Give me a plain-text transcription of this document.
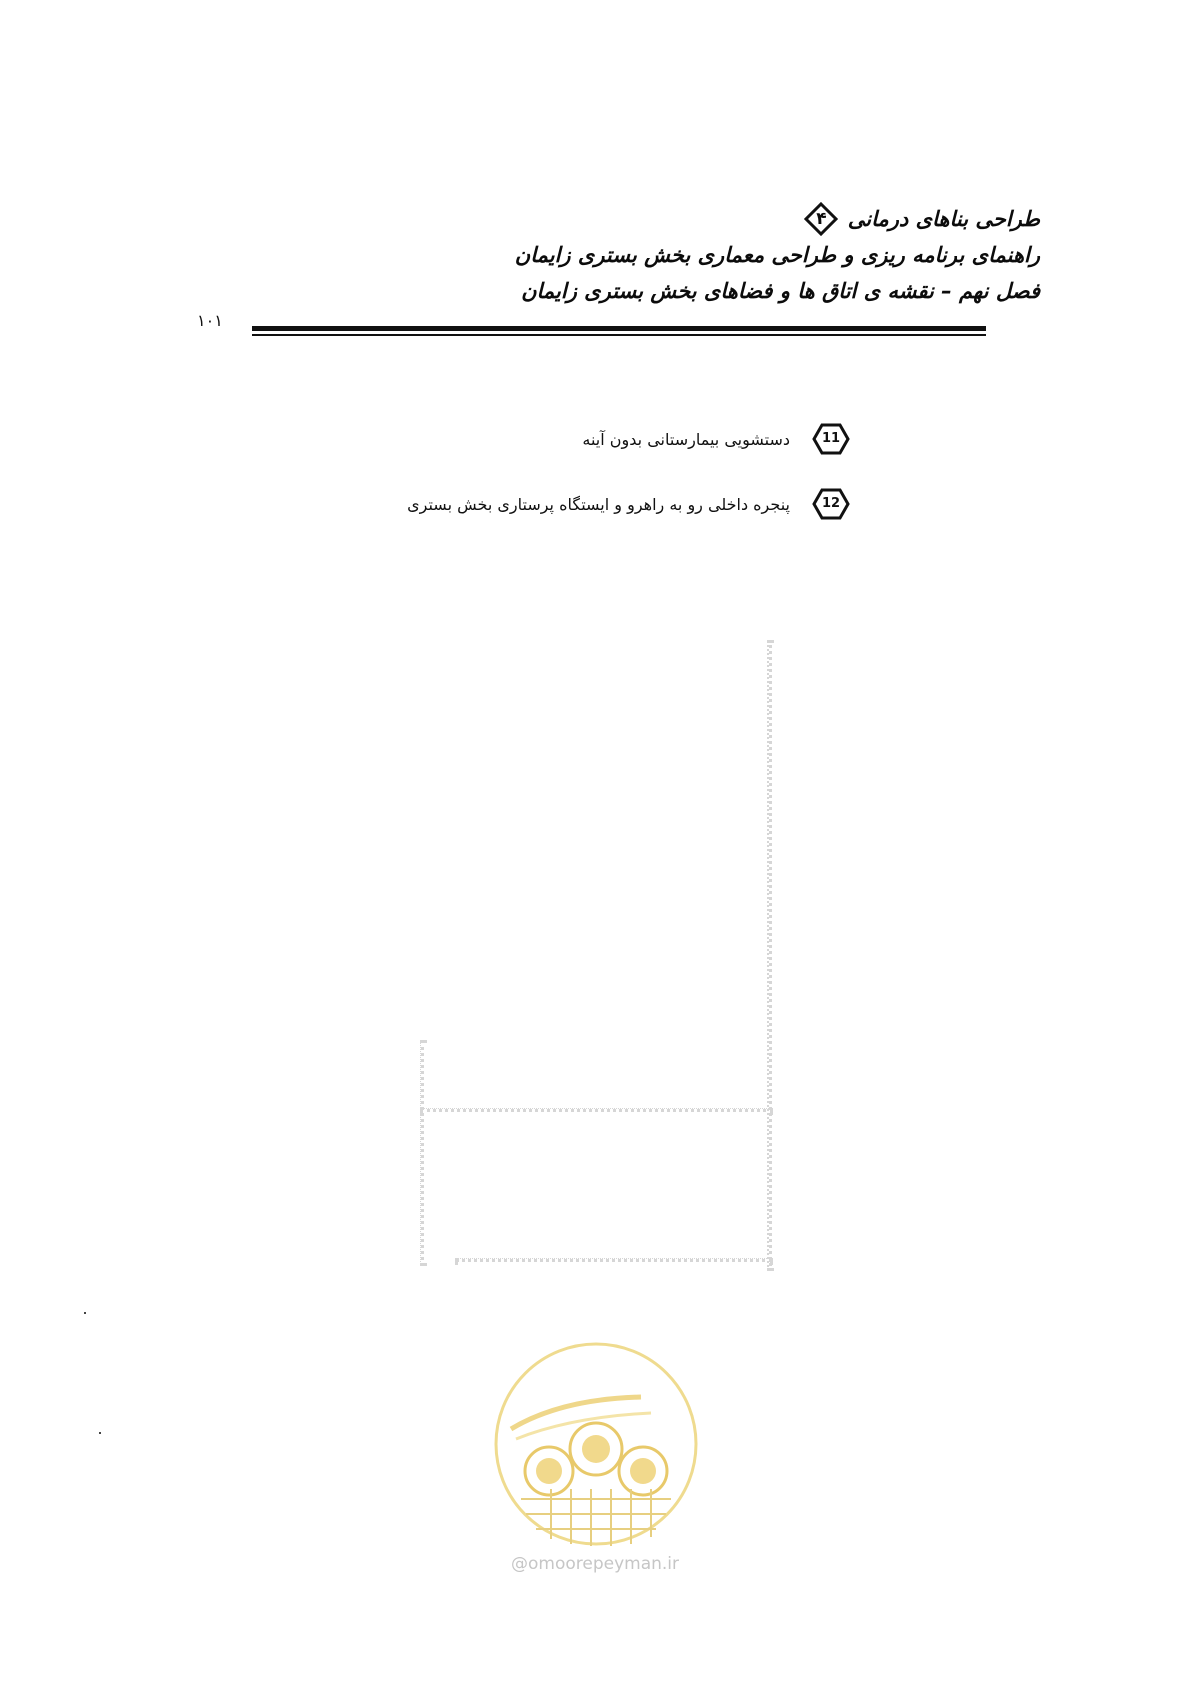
طراحی بناهای درمانی
۴
راهنمای برنامه ریزی و طراحی معماری بخش بستری زایمان
فصل نهم – نقشه ی اتاق ها و فضاهای بخش بستری زایمان
۱۰۱
11
دستشویی بیمارستانی بدون آینه
12
پنجره داخلی رو به راهرو و ایستگاه پرستاری بخش بستری
@omoorepeyman.ir
